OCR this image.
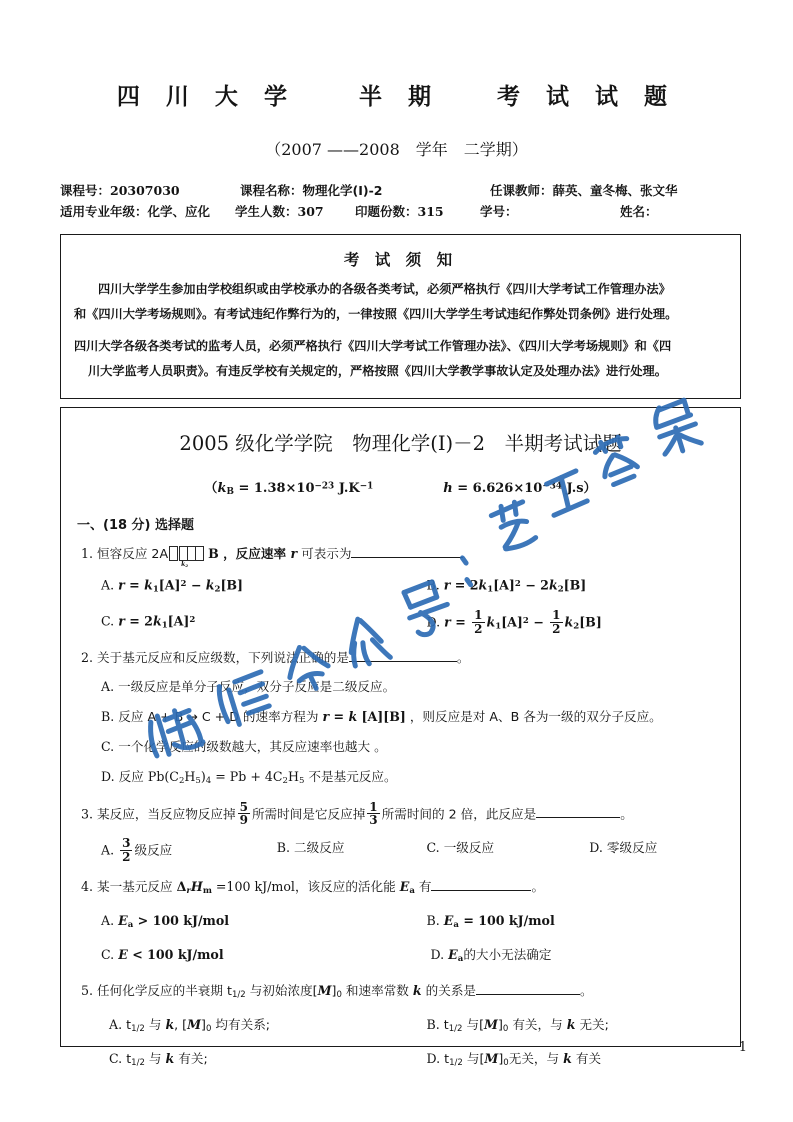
四 川 大 学	半 期 考 试 试 题
（2007 ——2008　学年　二学期）
课程号：20307030	课程名称：物理化学(I)-2	任课教师：薛英、童冬梅、张文华
适用专业年级：化学、应化	学生人数：307	印题份数：315	学号：	姓名：
考 试 须 知

四川大学学生参加由学校组织或由学校承办的各级各类考试，必须严格执行《四川大学考试工作管理办法》

和《四川大学考场规则》。有考试违纪作弊行为的，一律按照《四川大学学生考试违纪作弊处罚条例》进行处理。

四川大学各级各类考试的监考人员，必须严格执行《四川大学考试工作管理办法》、《四川大学考场规则》和《四

川大学监考人员职责》。有违反学校有关规定的，严格按照《四川大学教学事故认定及处理办法》进行处理。

2005 级化学学院　物理化学(I)－2　半期考试试题
（$k_B = 1.38\times 10^{-23}$ $J.K^{-1}$	$h = 6.626\times 10^{-34}$ J.s）
一、(18 分) 选择题
1. 恒容反应 2A
$k_2$
B ，反应速率 r 可表示为
A. $r = k_1[A]^2 - k_2[B]$	B. $r = 2k_1[A]^2 - 2k_2[B]$
C. $r = 2k_1[A]^2$	D. $r = \frac{1}{2} k_1[A]^2 - \frac{1}{2} k_2[B]$
2. 关于基元反应和反应级数，下列说法正确的是	。
A. 一级反应是单分子反应，双分子反应是二级反应。
B. 反应 A + B → C + D 的速率方程为 r = k [A][B] ，则反应是对 A、B 各为一级的双分子反应。
C. 一个化学反应的级数越大，其反应速率也越大 。
D. 反应 $Pb(C_2H_5)_4 = Pb + 4C_2H_5$ 不是基元反应。
3. 某反应，当反应物反应掉 $\frac{5}{9}$ 所需时间是它反应掉 $\frac{1}{3}$ 所需时间的 2 倍，此反应是	。
A. $\frac{3}{2}$ 级反应	B. 二级反应	C. 一级反应	D. 零级反应
4. 某一基元反应 $\Delta_rH_m =100$ kJ/mol，该反应的活化能 $E_a$ 有	。
A. $E_a > 100$ kJ/mol	B. $E_a = 100$ kJ/mol
C. E < 100 kJ/mol	D. $E_a$的大小无法确定
5. 任何化学反应的半衰期 $t_{1/2}$ 与初始浓度$[M]_0$ 和速率常数 k 的关系是	。
A. $t_{1/2}$ 与 k, $[M]_0$ 均有关系;	B. $t_{1/2}$ 与$[M]_0$ 有关，与 k 无关;
C. $t_{1/2}$ 与 k 有关;	D. $t_{1/2}$ 与$[M]_0$无关，与 k 有关
1
